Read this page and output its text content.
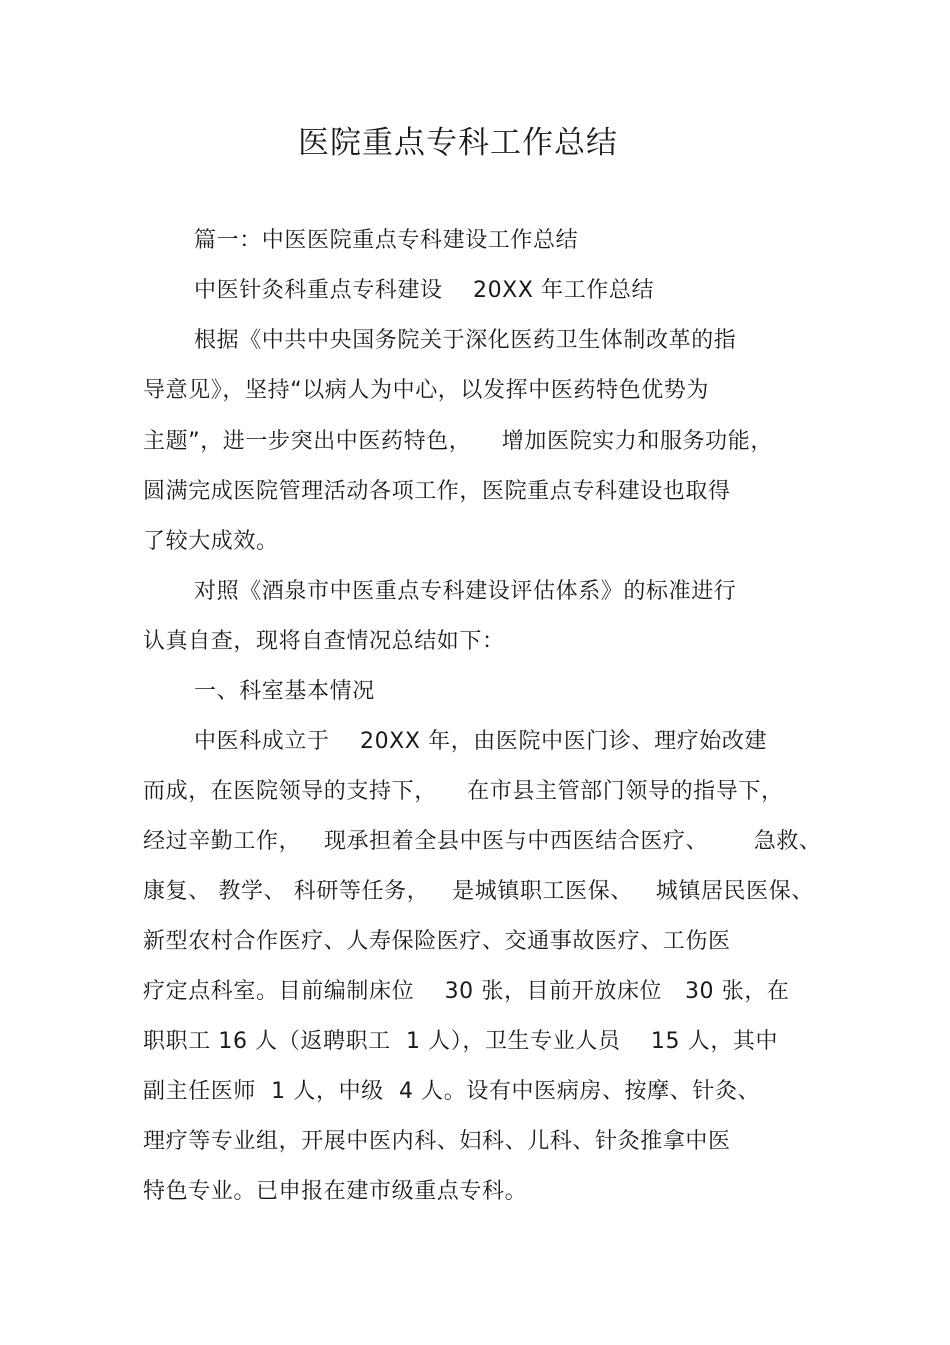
医院重点专科工作总结
篇一：中医医院重点专科建设工作总结
中医针灸科重点专科建设    20XX 年工作总结
根据《中共中央国务院关于深化医药卫生体制改革的指
导意见》，坚持“以病人为中心，以发挥中医药特色优势为
主题”，进一步突出中医药特色，    增加医院实力和服务功能，
圆满完成医院管理活动各项工作，医院重点专科建设也取得
了较大成效。
对照《酒泉市中医重点专科建设评估体系》的标准进行
认真自查，现将自查情况总结如下：
一、科室基本情况
中医科成立于    20XX 年，由医院中医门诊、理疗始改建
而成，在医院领导的支持下，    在市县主管部门领导的指导下，
经过辛勤工作，   现承担着全县中医与中西医结合医疗、      急救、
康复、 教学、 科研等任务，   是城镇职工医保、   城镇居民医保、
新型农村合作医疗、人寿保险医疗、交通事故医疗、工伤医
疗定点科室。目前编制床位    30 张，目前开放床位   30 张，在
职职工 16 人（返聘职工  1 人），卫生专业人员    15 人，其中
副主任医师  1 人，中级  4 人。设有中医病房、按摩、针灸、
理疗等专业组，开展中医内科、妇科、儿科、针灸推拿中医
特色专业。已申报在建市级重点专科。
